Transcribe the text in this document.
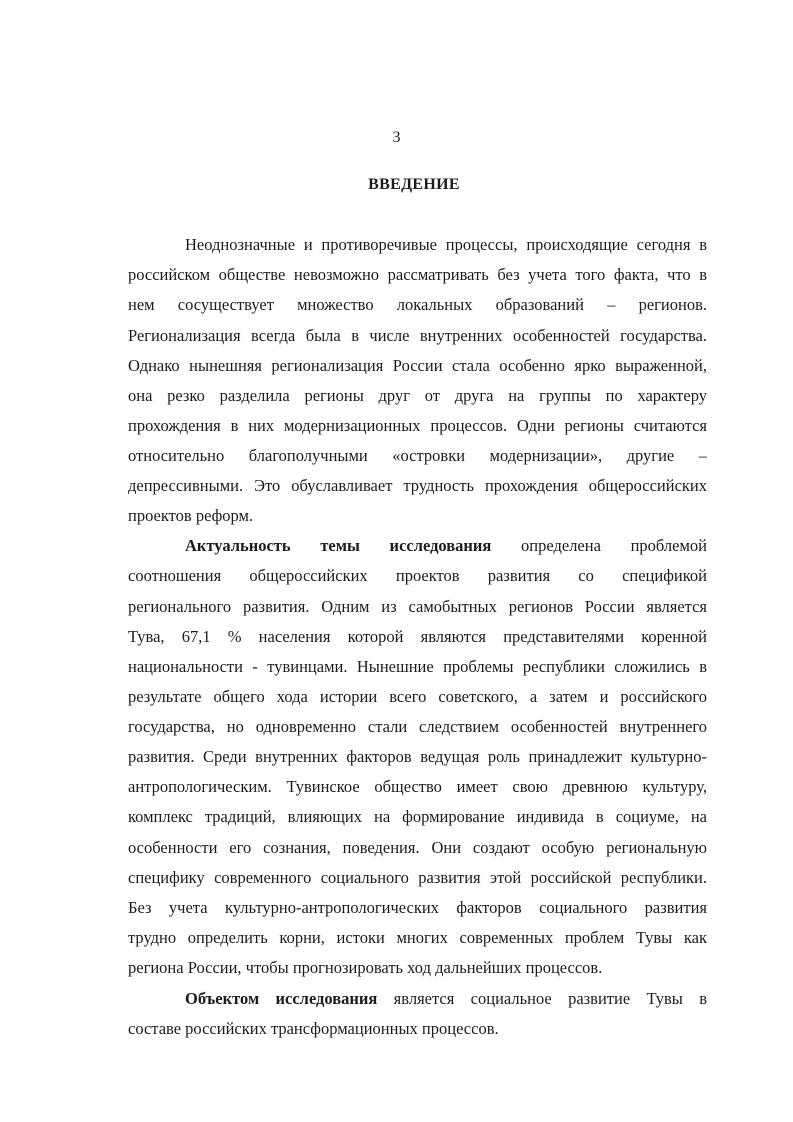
3
ВВЕДЕНИЕ
Неоднозначные и противоречивые процессы, происходящие сегодня в
российском обществе невозможно рассматривать без учета того факта, что в
нем сосуществует множество локальных образований – регионов.
Регионализация всегда была в числе внутренних особенностей государства.
Однако нынешняя регионализация России стала особенно ярко выраженной,
она резко разделила регионы друг от друга на группы по характеру
прохождения в них модернизационных процессов. Одни регионы считаются
относительно благополучными «островки модернизации», другие –
депрессивными. Это обуславливает трудность прохождения общероссийских
проектов реформ.
Актуальность темы исследования определена проблемой
соотношения общероссийских проектов развития со спецификой
регионального развития. Одним из самобытных регионов России является
Тува, 67,1 % населения которой являются представителями коренной
национальности - тувинцами. Нынешние проблемы республики сложились в
результате общего хода истории всего советского, а затем и российского
государства, но одновременно стали следствием особенностей внутреннего
развития. Среди внутренних факторов ведущая роль принадлежит культурно-
антропологическим. Тувинское общество имеет свою древнюю культуру,
комплекс традиций, влияющих на формирование индивида в социуме, на
особенности его сознания, поведения. Они создают особую региональную
специфику современного социального развития этой российской республики.
Без учета культурно-антропологических факторов социального развития
трудно определить корни, истоки многих современных проблем Тувы как
региона России, чтобы прогнозировать ход дальнейших процессов.
Объектом исследования является социальное развитие Тувы в
составе российских трансформационных процессов.
